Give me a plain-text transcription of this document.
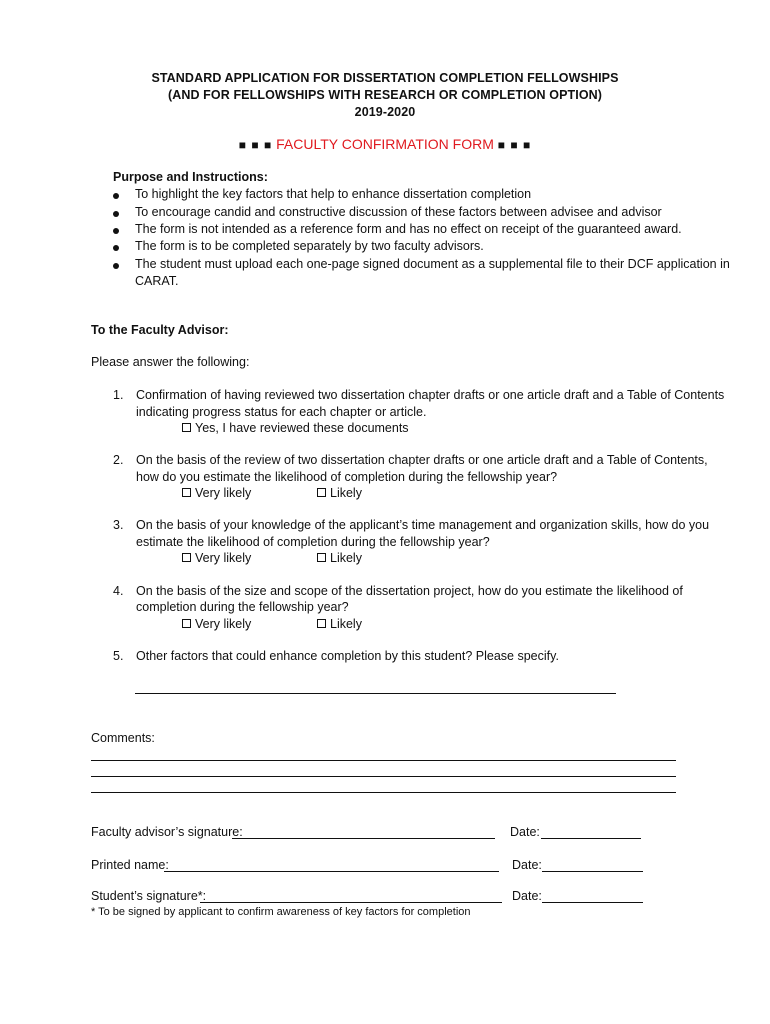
STANDARD APPLICATION FOR DISSERTATION COMPLETION FELLOWSHIPS
(AND FOR FELLOWSHIPS WITH RESEARCH OR COMPLETION OPTION)
2019-2020
■ ■ ■ FACULTY CONFIRMATION FORM ■ ■ ■
Purpose and Instructions:
To highlight the key factors that help to enhance dissertation completion
To encourage candid and constructive discussion of these factors between advisee and advisor
The form is not intended as a reference form and has no effect on receipt of the guaranteed award.
The form is to be completed separately by two faculty advisors.
The student must upload each one-page signed document as a supplemental file to their DCF application in
CARAT.
To the Faculty Advisor:
Please answer the following:
1. Confirmation of having reviewed two dissertation chapter drafts or one article draft and a Table of Contents
indicating progress status for each chapter or article.
Yes, I have reviewed these documents
2. On the basis of the review of two dissertation chapter drafts or one article draft and a Table of Contents,
how do you estimate the likelihood of completion during the fellowship year?
Very likely	Likely
3. On the basis of your knowledge of the applicant’s time management and organization skills, how do you
estimate the likelihood of completion during the fellowship year?
Very likely	Likely
4. On the basis of the size and scope of the dissertation project, how do you estimate the likelihood of
completion during the fellowship year?
Very likely	Likely
5. Other factors that could enhance completion by this student? Please specify.
Comments:
Faculty advisor’s signature:	Date:
Printed name:	Date:
Student’s signature*:	Date:
* To be signed by applicant to confirm awareness of key factors for completion
